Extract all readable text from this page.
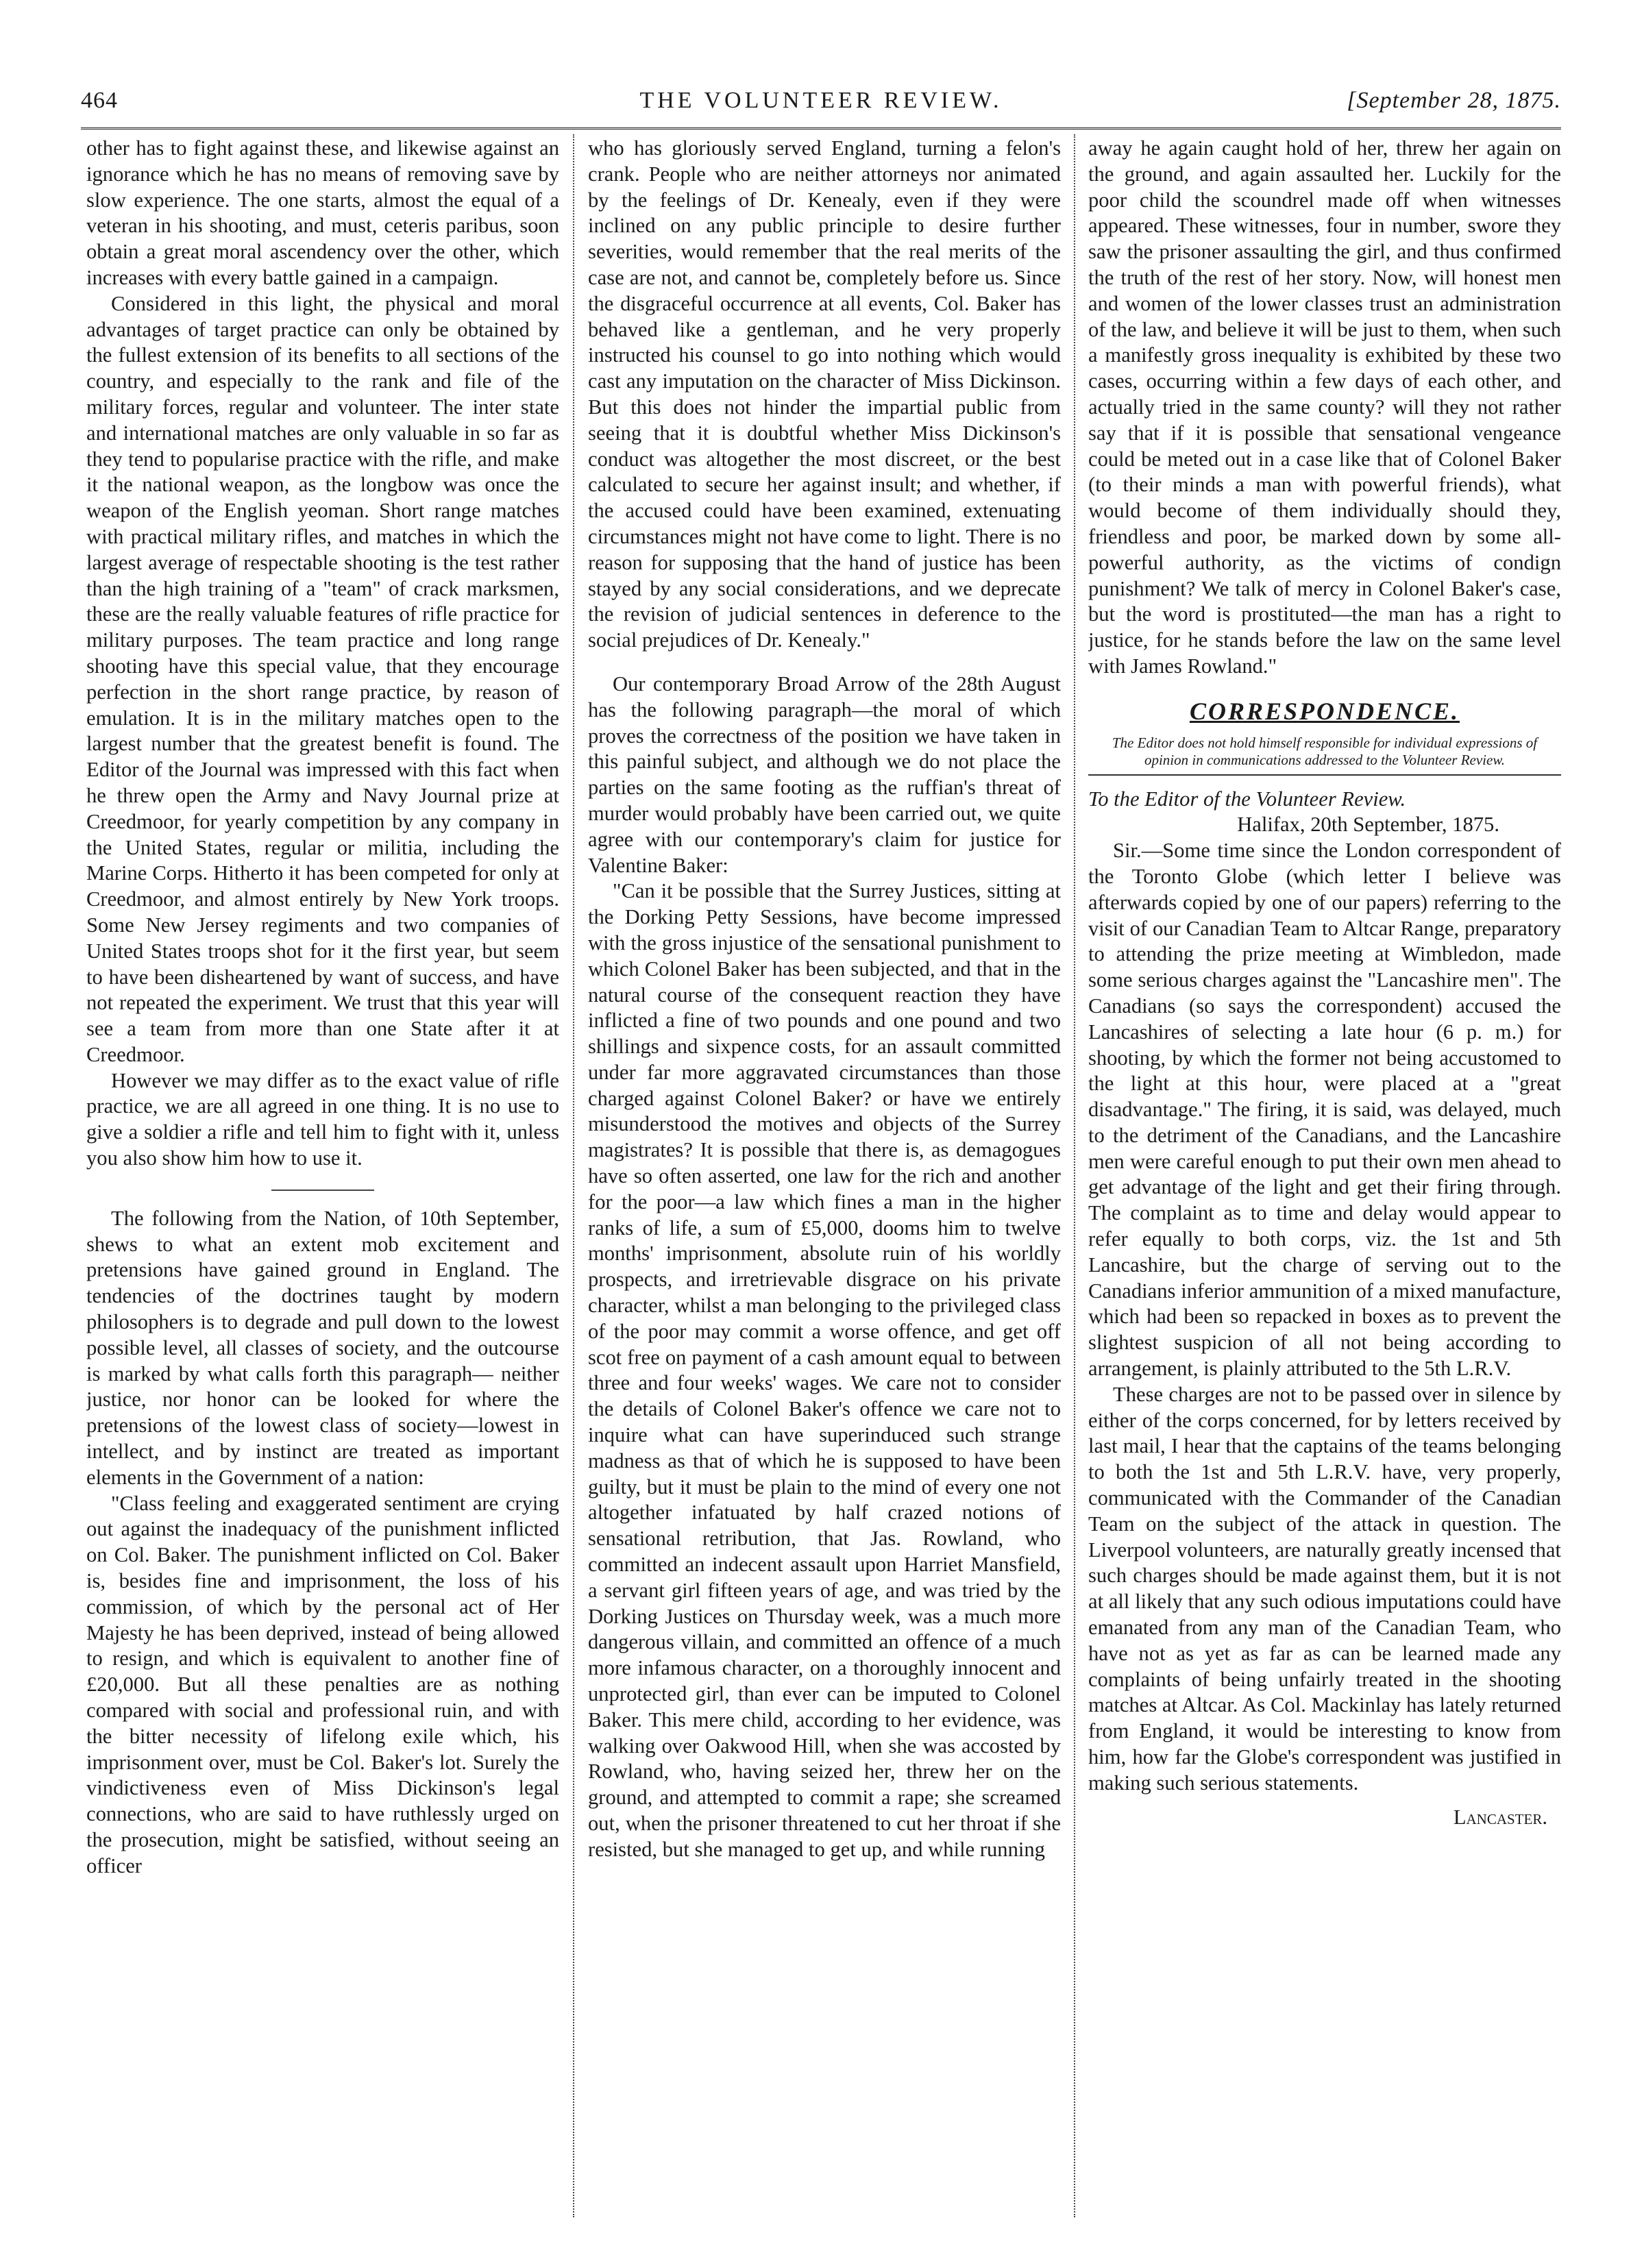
464	THE VOLUNTEER REVIEW.	[September 28, 1875.

other has to fight against these, and likewise against an ignorance which he has no means of removing save by slow experience. The one starts, almost the equal of a veteran in his shooting, and must, ceteris paribus, soon obtain a great moral ascendency over the other, which increases with every battle gained in a campaign.

Considered in this light, the physical and moral advantages of target practice can only be obtained by the fullest extension of its benefits to all sections of the country, and especially to the rank and file of the military forces, regular and volunteer. The inter state and international matches are only valuable in so far as they tend to popularise practice with the rifle, and make it the national weapon, as the longbow was once the weapon of the English yeoman. Short range matches with practical military rifles, and matches in which the largest average of respectable shooting is the test rather than the high training of a "team" of crack marksmen, these are the really valuable features of rifle practice for military purposes. The team practice and long range shooting have this special value, that they encourage perfection in the short range practice, by reason of emulation. It is in the military matches open to the largest number that the greatest benefit is found. The Editor of the Journal was impressed with this fact when he threw open the Army and Navy Journal prize at Creedmoor, for yearly competition by any company in the United States, regular or militia, including the Marine Corps. Hitherto it has been competed for only at Creedmoor, and almost entirely by New York troops. Some New Jersey regiments and two companies of United States troops shot for it the first year, but seem to have been disheartened by want of success, and have not repeated the experiment. We trust that this year will see a team from more than one State after it at Creedmoor.

However we may differ as to the exact value of rifle practice, we are all agreed in one thing. It is no use to give a soldier a rifle and tell him to fight with it, unless you also show him how to use it.

The following from the Nation, of 10th September, shews to what an extent mob excitement and pretensions have gained ground in England. The tendencies of the doctrines taught by modern philosophers is to degrade and pull down to the lowest possible level, all classes of society, and the outcourse is marked by what calls forth this paragraph— neither justice, nor honor can be looked for where the pretensions of the lowest class of society—lowest in intellect, and by instinct are treated as important elements in the Government of a nation:

"Class feeling and exaggerated sentiment are crying out against the inadequacy of the punishment inflicted on Col. Baker. The punishment inflicted on Col. Baker is, besides fine and imprisonment, the loss of his commission, of which by the personal act of Her Majesty he has been deprived, instead of being allowed to resign, and which is equivalent to another fine of £20,000. But all these penalties are as nothing compared with social and professional ruin, and with the bitter necessity of lifelong exile which, his imprisonment over, must be Col. Baker's lot. Surely the vindictiveness even of Miss Dickinson's legal connections, who are said to have ruthlessly urged on the prosecution, might be satisfied, without seeing an officer

who has gloriously served England, turning a felon's crank. People who are neither attorneys nor animated by the feelings of Dr. Kenealy, even if they were inclined on any public principle to desire further severities, would remember that the real merits of the case are not, and cannot be, completely before us. Since the disgraceful occurrence at all events, Col. Baker has behaved like a gentleman, and he very properly instructed his counsel to go into nothing which would cast any imputation on the character of Miss Dickinson. But this does not hinder the impartial public from seeing that it is doubtful whether Miss Dickinson's conduct was altogether the most discreet, or the best calculated to secure her against insult; and whether, if the accused could have been examined, extenuating circumstances might not have come to light. There is no reason for supposing that the hand of justice has been stayed by any social considerations, and we deprecate the revision of judicial sentences in deference to the social prejudices of Dr. Kenealy."

Our contemporary Broad Arrow of the 28th August has the following paragraph—the moral of which proves the correctness of the position we have taken in this painful subject, and although we do not place the parties on the same footing as the ruffian's threat of murder would probably have been carried out, we quite agree with our contemporary's claim for justice for Valentine Baker:

"Can it be possible that the Surrey Justices, sitting at the Dorking Petty Sessions, have become impressed with the gross injustice of the sensational punishment to which Colonel Baker has been subjected, and that in the natural course of the consequent reaction they have inflicted a fine of two pounds and one pound and two shillings and sixpence costs, for an assault committed under far more aggravated circumstances than those charged against Colonel Baker? or have we entirely misunderstood the motives and objects of the Surrey magistrates? It is possible that there is, as demagogues have so often asserted, one law for the rich and another for the poor—a law which fines a man in the higher ranks of life, a sum of £5,000, dooms him to twelve months' imprisonment, absolute ruin of his worldly prospects, and irretrievable disgrace on his private character, whilst a man belonging to the privileged class of the poor may commit a worse offence, and get off scot free on payment of a cash amount equal to between three and four weeks' wages. We care not to consider the details of Colonel Baker's offence we care not to inquire what can have superinduced such strange madness as that of which he is supposed to have been guilty, but it must be plain to the mind of every one not altogether infatuated by half crazed notions of sensational retribution, that Jas. Rowland, who committed an indecent assault upon Harriet Mansfield, a servant girl fifteen years of age, and was tried by the Dorking Justices on Thursday week, was a much more dangerous villain, and committed an offence of a much more infamous character, on a thoroughly innocent and unprotected girl, than ever can be imputed to Colonel Baker. This mere child, according to her evidence, was walking over Oakwood Hill, when she was accosted by Rowland, who, having seized her, threw her on the ground, and attempted to commit a rape; she screamed out, when the prisoner threatened to cut her throat if she resisted, but she managed to get up, and while running

away he again caught hold of her, threw her again on the ground, and again assaulted her. Luckily for the poor child the scoundrel made off when witnesses appeared. These witnesses, four in number, swore they saw the prisoner assaulting the girl, and thus confirmed the truth of the rest of her story. Now, will honest men and women of the lower classes trust an administration of the law, and believe it will be just to them, when such a manifestly gross inequality is exhibited by these two cases, occurring within a few days of each other, and actually tried in the same county? will they not rather say that if it is possible that sensational vengeance could be meted out in a case like that of Colonel Baker (to their minds a man with powerful friends), what would become of them individually should they, friendless and poor, be marked down by some all-powerful authority, as the victims of condign punishment? We talk of mercy in Colonel Baker's case, but the word is prostituted—the man has a right to justice, for he stands before the law on the same level with James Rowland."

CORRESPONDENCE.
The Editor does not hold himself responsible for individual expressions of opinion in communications addressed to the Volunteer Review.
To the Editor of the Volunteer Review.
Halifax, 20th September, 1875.

Sir.—Some time since the London correspondent of the Toronto Globe (which letter I believe was afterwards copied by one of our papers) referring to the visit of our Canadian Team to Altcar Range, preparatory to attending the prize meeting at Wimbledon, made some serious charges against the "Lancashire men". The Canadians (so says the correspondent) accused the Lancashires of selecting a late hour (6 p. m.) for shooting, by which the former not being accustomed to the light at this hour, were placed at a "great disadvantage." The firing, it is said, was delayed, much to the detriment of the Canadians, and the Lancashire men were careful enough to put their own men ahead to get advantage of the light and get their firing through. The complaint as to time and delay would appear to refer equally to both corps, viz. the 1st and 5th Lancashire, but the charge of serving out to the Canadians inferior ammunition of a mixed manufacture, which had been so repacked in boxes as to prevent the slightest suspicion of all not being according to arrangement, is plainly attributed to the 5th L.R.V.

These charges are not to be passed over in silence by either of the corps concerned, for by letters received by last mail, I hear that the captains of the teams belonging to both the 1st and 5th L.R.V. have, very properly, communicated with the Commander of the Canadian Team on the subject of the attack in question. The Liverpool volunteers, are naturally greatly incensed that such charges should be made against them, but it is not at all likely that any such odious imputations could have emanated from any man of the Canadian Team, who have not as yet as far as can be learned made any complaints of being unfairly treated in the shooting matches at Altcar. As Col. Mackinlay has lately returned from England, it would be interesting to know from him, how far the Globe's correspondent was justified in making such serious statements.

Lancaster.
